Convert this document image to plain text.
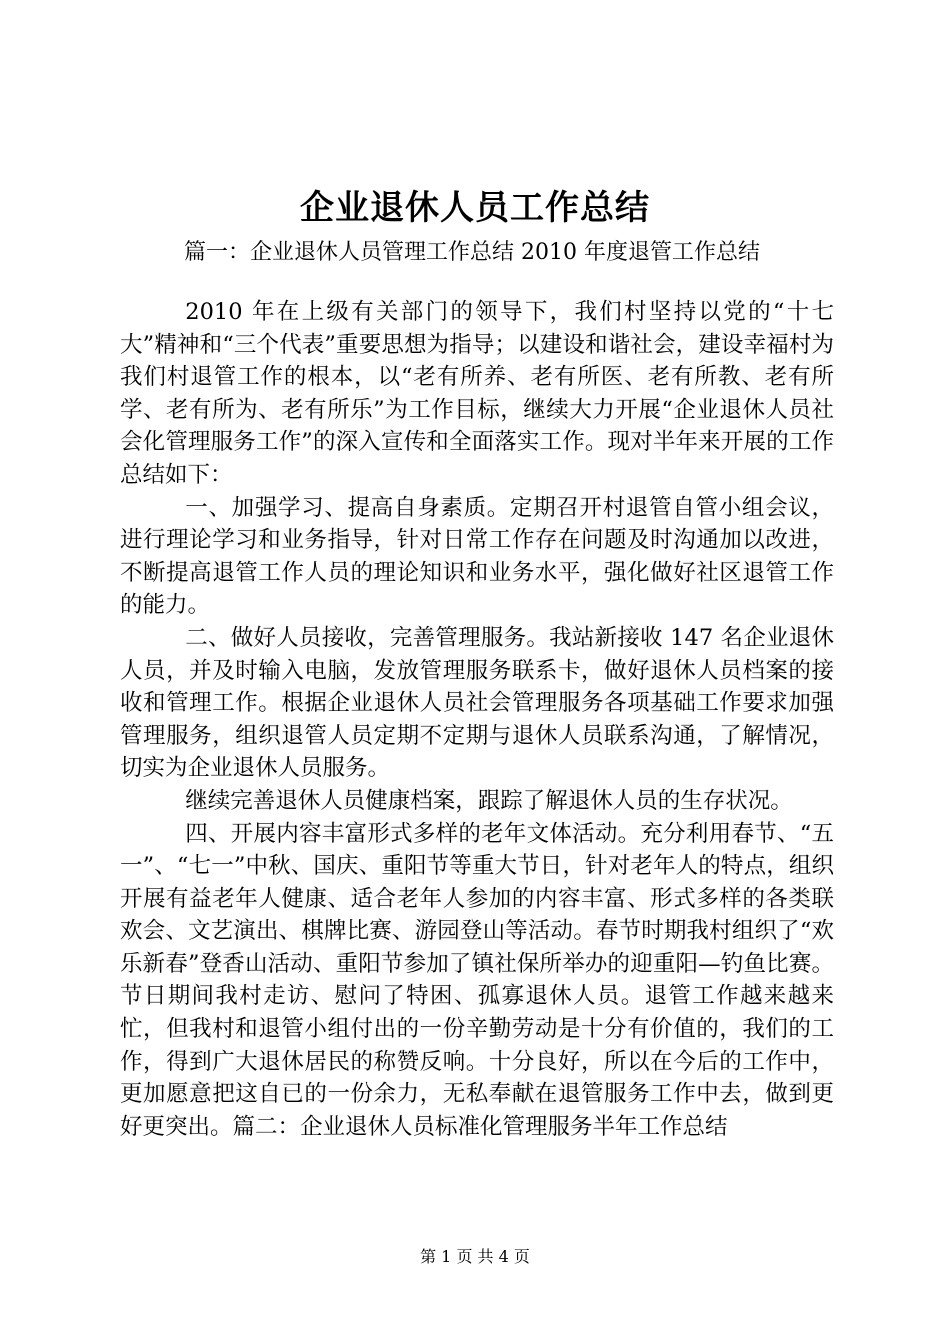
企业退休人员工作总结
篇一：企业退休人员管理工作总结 2010 年度退管工作总结

2010 年在上级有关部门的领导下，我们村坚持以党的“十七大”精神和“三个代表”重要思想为指导；以建设和谐社会，建设幸福村为我们村退管工作的根本，以“老有所养、老有所医、老有所教、老有所学、老有所为、老有所乐”为工作目标，继续大力开展“企业退休人员社会化管理服务工作”的深入宣传和全面落实工作。现对半年来开展的工作总结如下：

一、加强学习、提高自身素质。定期召开村退管自管小组会议，进行理论学习和业务指导，针对日常工作存在问题及时沟通加以改进，不断提高退管工作人员的理论知识和业务水平，强化做好社区退管工作的能力。

二、做好人员接收，完善管理服务。我站新接收 147 名企业退休人员，并及时输入电脑，发放管理服务联系卡，做好退休人员档案的接收和管理工作。根据企业退休人员社会管理服务各项基础工作要求加强管理服务，组织退管人员定期不定期与退休人员联系沟通，了解情况，切实为企业退休人员服务。

继续完善退休人员健康档案，跟踪了解退休人员的生存状况。

四、开展内容丰富形式多样的老年文体活动。充分利用春节、“五一”、“七一”中秋、国庆、重阳节等重大节日，针对老年人的特点，组织开展有益老年人健康、适合老年人参加的内容丰富、形式多样的各类联欢会、文艺演出、棋牌比赛、游园登山等活动。春节时期我村组织了“欢乐新春”登香山活动、重阳节参加了镇社保所举办的迎重阳—钓鱼比赛。节日期间我村走访、慰问了特困、孤寡退休人员。退管工作越来越来忙，但我村和退管小组付出的一份辛勤劳动是十分有价值的，我们的工作，得到广大退休居民的称赞反响。十分良好，所以在今后的工作中，更加愿意把这自已的一份余力，无私奉献在退管服务工作中去，做到更好更突出。篇二：企业退休人员标准化管理服务半年工作总结

第 1 页 共 4 页
